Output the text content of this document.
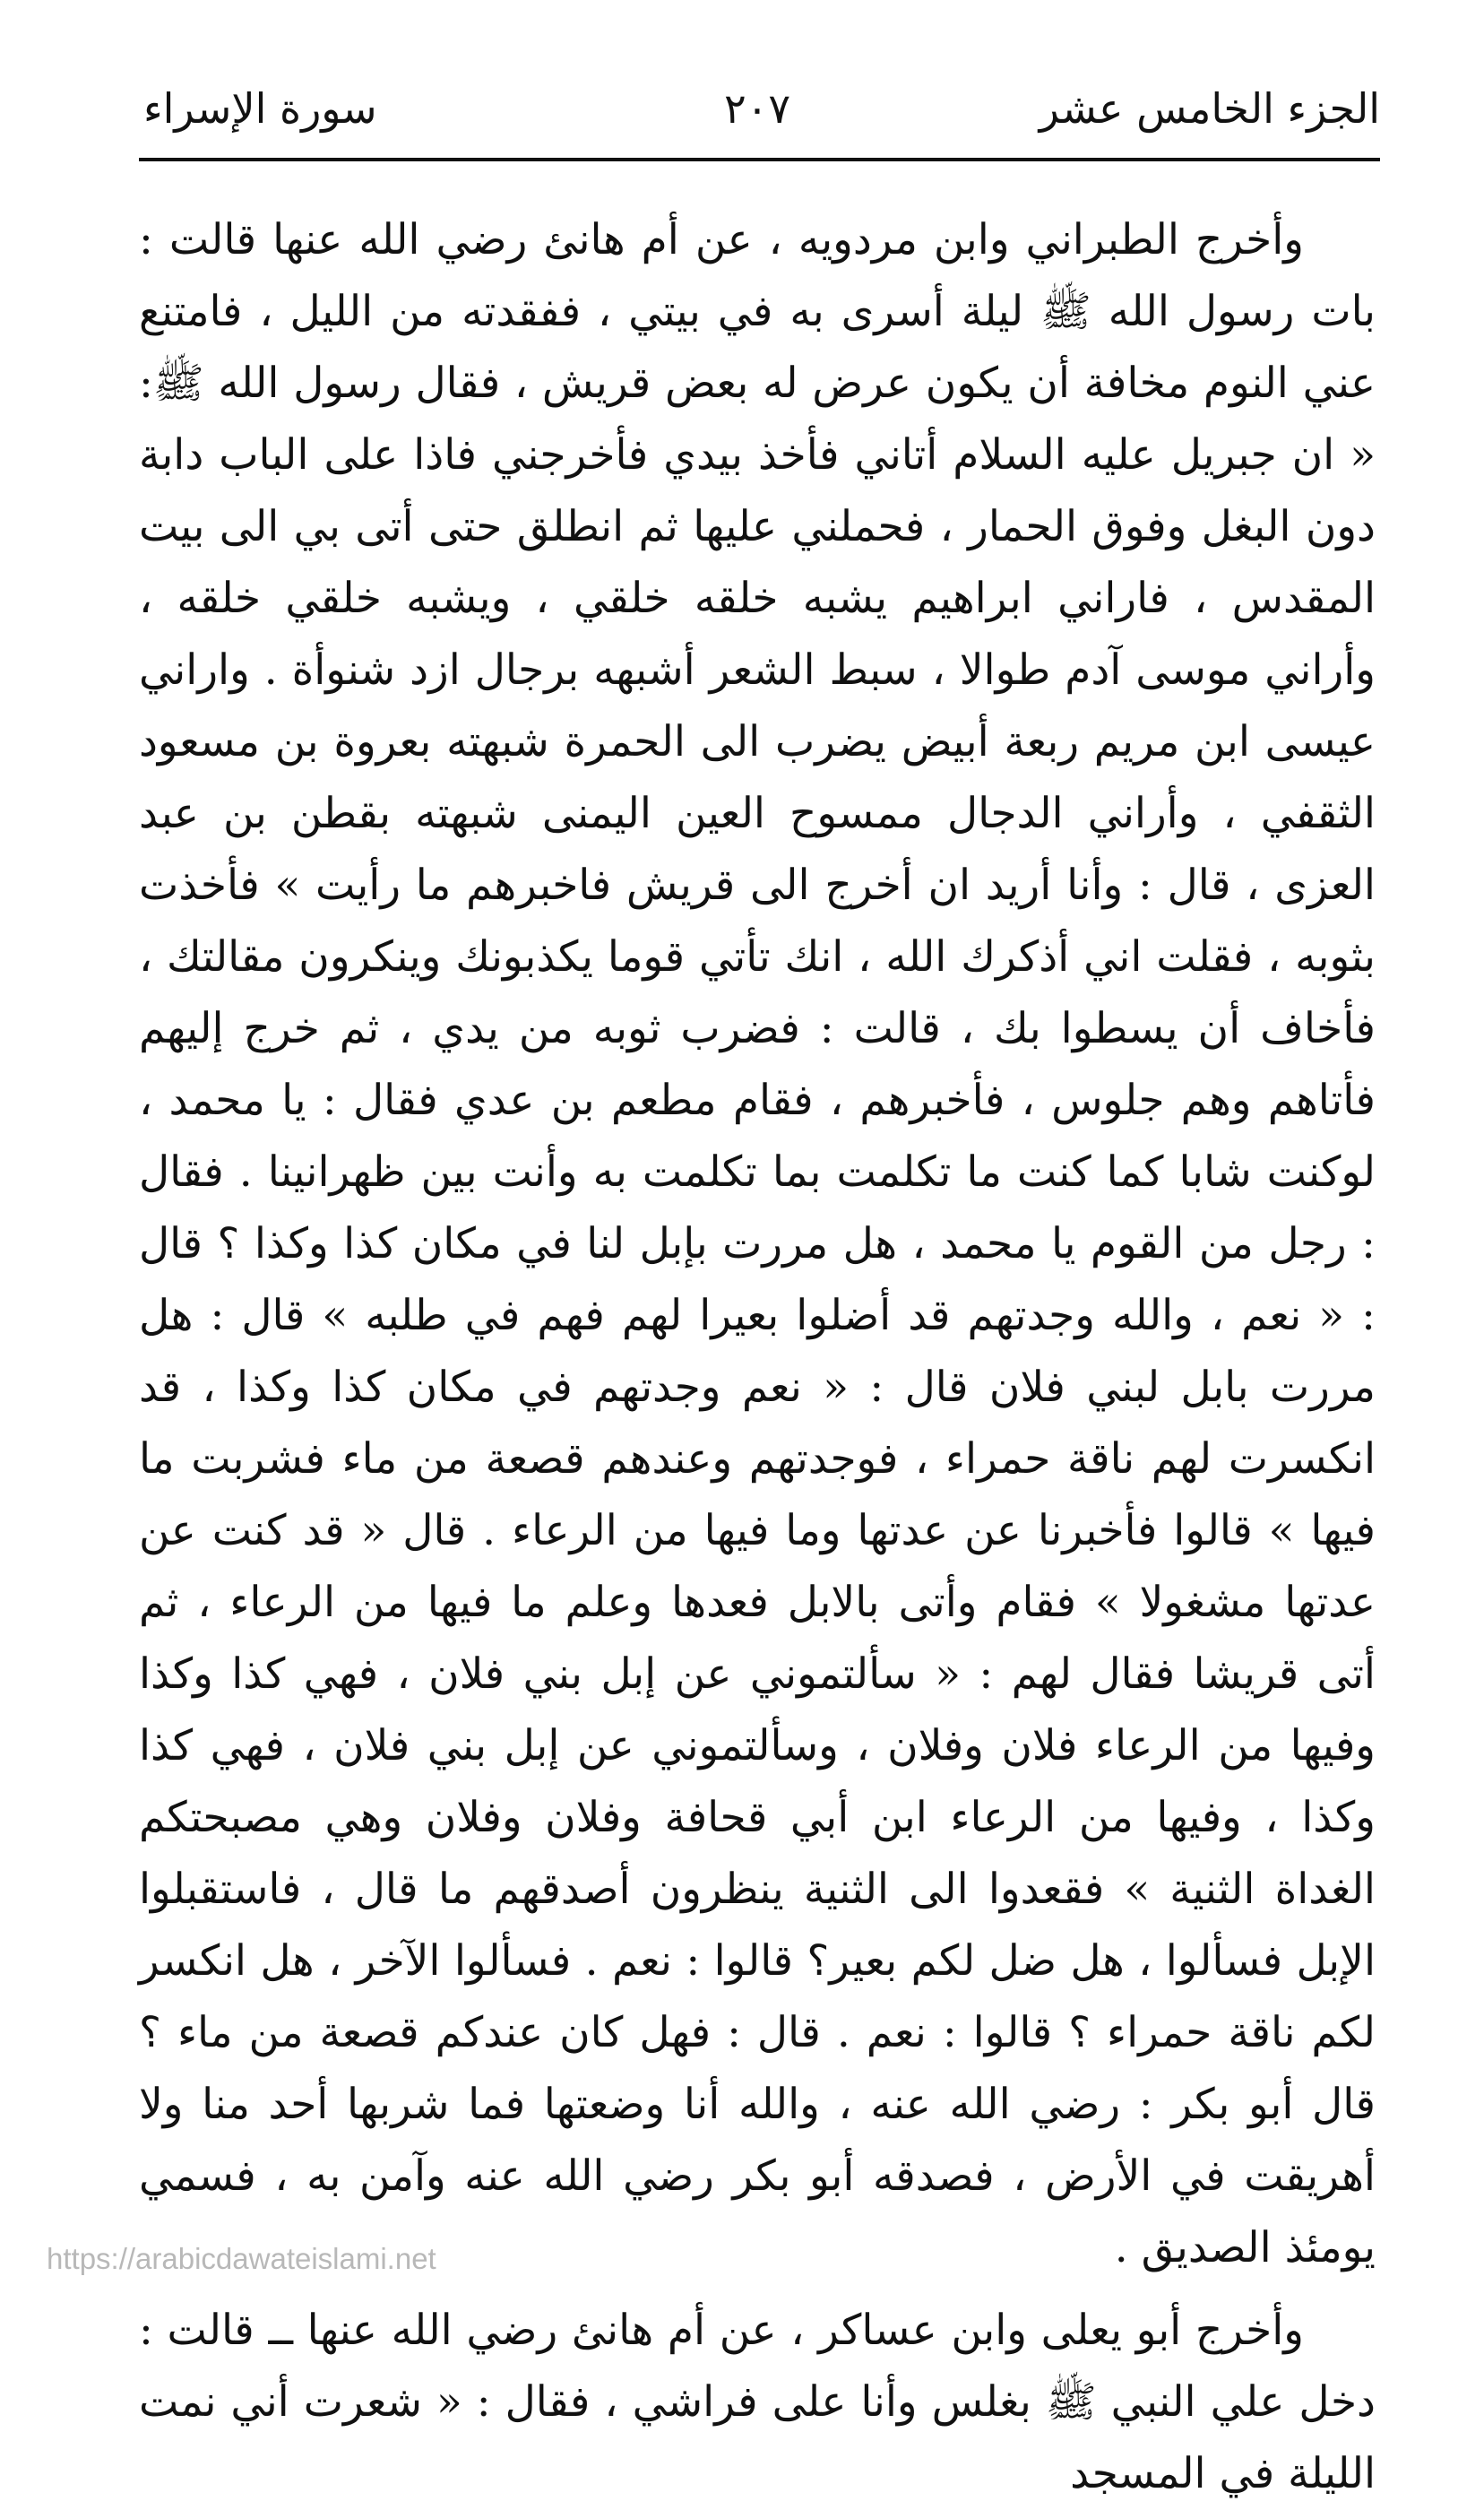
سورة الإسراء	٢٠٧	الجزء الخامس عشر

وأخرج الطبراني وابن مردويه ، عن أم هانئ رضي الله عنها قالت : بات رسول الله ﷺ ليلة أسرى به في بيتي ، ففقدته من الليل ، فامتنع عني النوم مخافة أن يكون عرض له بعض قريش ، فقال رسول الله ﷺ: « ان جبريل عليه السلام أتاني فأخذ بيدي فأخرجني فاذا على الباب دابة دون البغل وفوق الحمار ، فحملني عليها ثم انطلق حتى أتى بي الى بيت المقدس ، فاراني ابراهيم يشبه خلقه خلقي ، ويشبه خلقي خلقه ، وأراني موسى آدم طوالا ، سبط الشعر أشبهه برجال ازد شنوأة . واراني عيسى ابن مريم ربعة أبيض يضرب الى الحمرة شبهته بعروة بن مسعود الثقفي ، وأراني الدجال ممسوح العين اليمنى شبهته بقطن بن عبد العزى ، قال : وأنا أريد ان أخرج الى قريش فاخبرهم ما رأيت » فأخذت بثوبه ، فقلت اني أذكرك الله ، انك تأتي قوما يكذبونك وينكرون مقالتك ، فأخاف أن يسطوا بك ، قالت : فضرب ثوبه من يدي ، ثم خرج إليهم فأتاهم وهم جلوس ، فأخبرهم ، فقام مطعم بن عدي فقال : يا محمد ، لوكنت شابا كما كنت ما تكلمت بما تكلمت به وأنت بين ظهرانينا . فقال : رجل من القوم يا محمد ، هل مررت بإبل لنا في مكان كذا وكذا ؟ قال : « نعم ، والله وجدتهم قد أضلوا بعيرا لهم فهم في طلبه » قال : هل مررت بابل لبني فلان قال : « نعم وجدتهم في مكان كذا وكذا ، قد انكسرت لهم ناقة حمراء ، فوجدتهم وعندهم قصعة من ماء فشربت ما فيها » قالوا فأخبرنا عن عدتها وما فيها من الرعاء . قال « قد كنت عن عدتها مشغولا » فقام وأتى بالابل فعدها وعلم ما فيها من الرعاء ، ثم أتى قريشا فقال لهم : « سألتموني عن إبل بني فلان ، فهي كذا وكذا وفيها من الرعاء فلان وفلان ، وسألتموني عن إبل بني فلان ، فهي كذا وكذا ، وفيها من الرعاء ابن أبي قحافة وفلان وفلان وهي مصبحتكم الغداة الثنية » فقعدوا الى الثنية ينظرون أصدقهم ما قال ، فاستقبلوا الإبل فسألوا ، هل ضل لكم بعير؟ قالوا : نعم . فسألوا الآخر ، هل انكسر لكم ناقة حمراء ؟ قالوا : نعم . قال : فهل كان عندكم قصعة من ماء ؟ قال أبو بكر : رضي الله عنه ، والله أنا وضعتها فما شربها أحد منا ولا أهريقت في الأرض ، فصدقه أبو بكر رضي الله عنه وآمن به ، فسمي يومئذ الصديق .

وأخرج أبو يعلى وابن عساكر ، عن أم هانئ رضي الله عنها ــ قالت : دخل علي النبي ﷺ بغلس وأنا على فراشي ، فقال : « شعرت أني نمت الليلة في المسجد

https://arabicdawateislami.net
